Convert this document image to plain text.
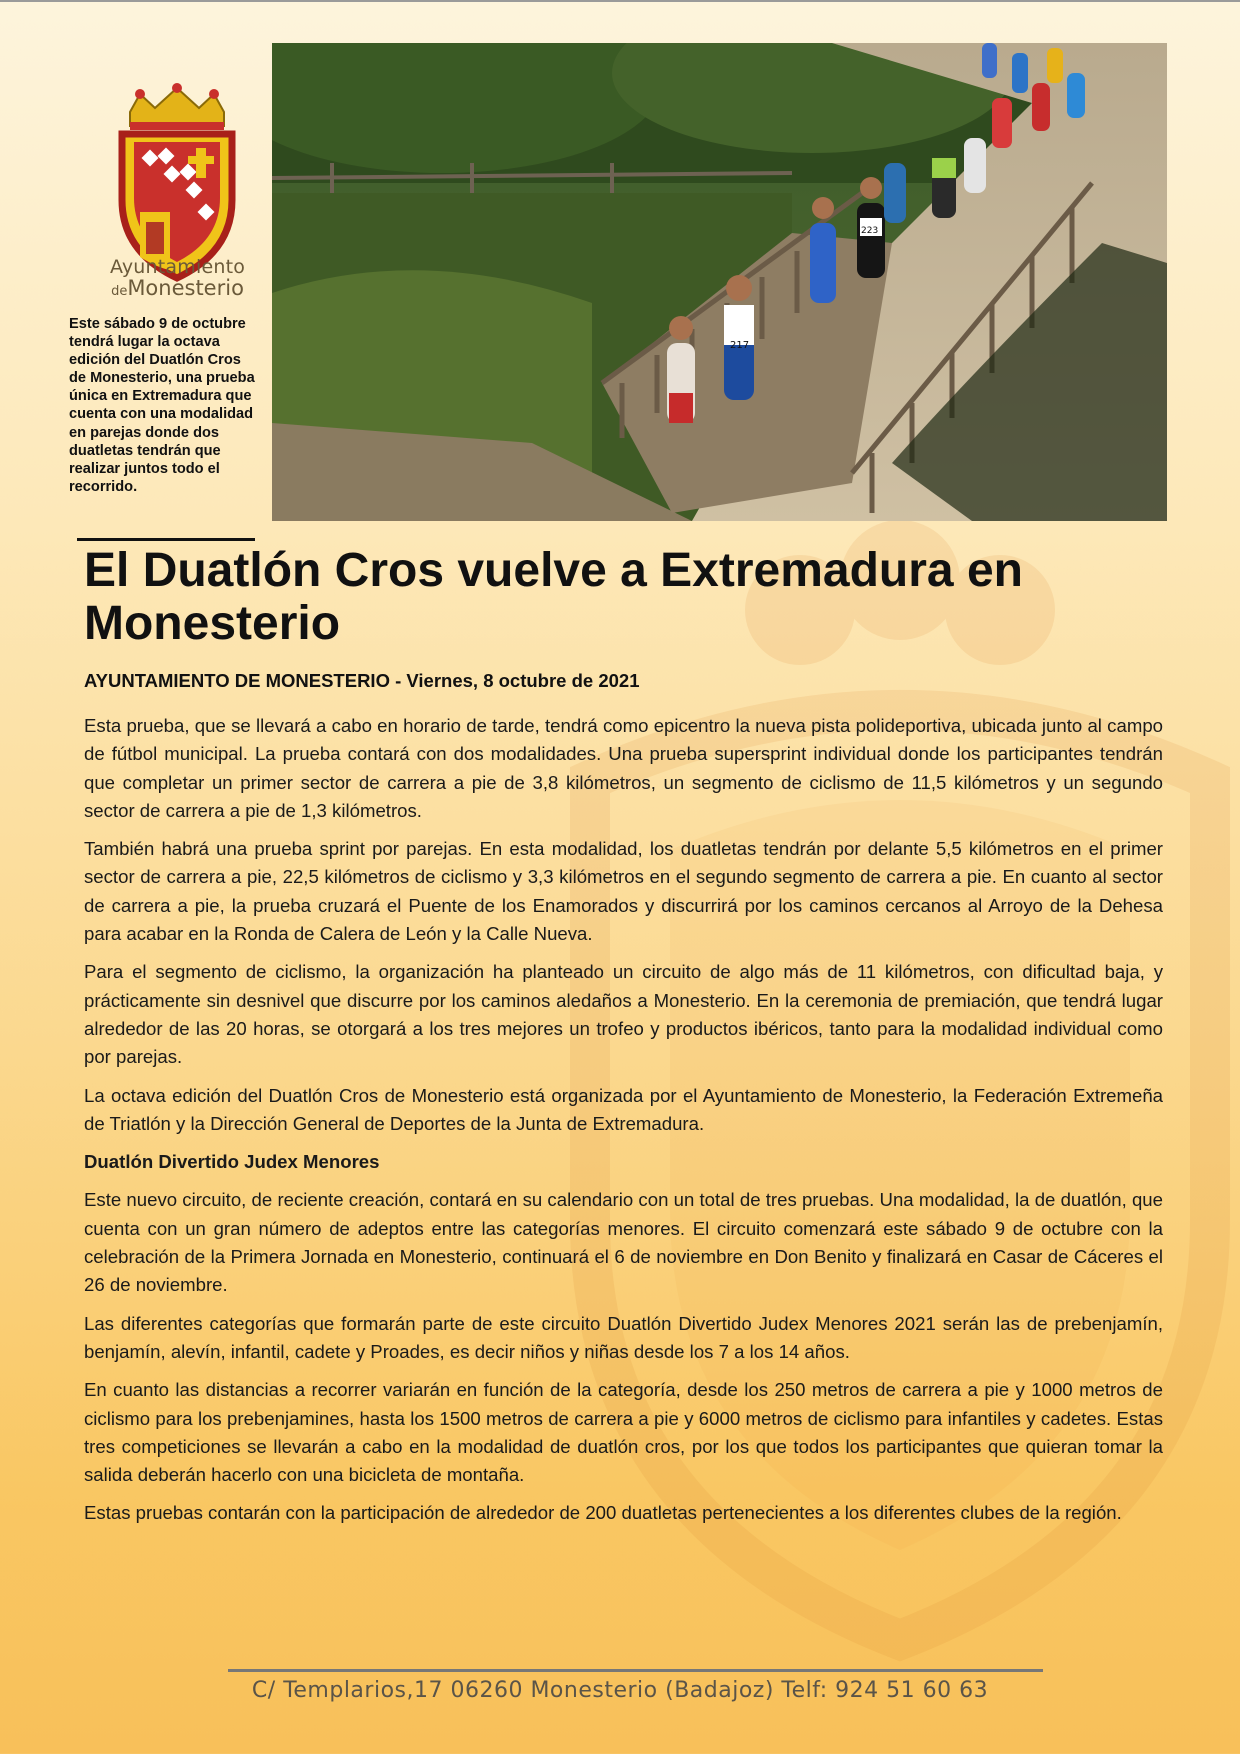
Ayuntamiento
deMonesterio
Este sábado 9 de octubre tendrá lugar la octava edición del Duatlón Cros de Monesterio, una prueba única en Extremadura que cuenta con una modalidad en parejas donde dos duatletas tendrán que realizar juntos todo el recorrido.
217
223
El Duatlón Cros vuelve a Extremadura en Monesterio
AYUNTAMIENTO DE MONESTERIO - Viernes, 8 octubre de 2021

Esta prueba, que se llevará a cabo en horario de tarde, tendrá como epicentro la nueva pista polideportiva, ubicada junto al campo de fútbol municipal. La prueba contará con dos modalidades. Una prueba supersprint individual donde los participantes tendrán que completar un primer sector de carrera a pie de 3,8 kilómetros, un segmento de ciclismo de 11,5 kilómetros y un segundo sector de carrera a pie de 1,3 kilómetros.

También habrá una prueba sprint por parejas. En esta modalidad, los duatletas tendrán por delante 5,5 kilómetros en el primer sector de carrera a pie, 22,5 kilómetros de ciclismo y 3,3 kilómetros en el segundo segmento de carrera a pie. En cuanto al sector de carrera a pie, la prueba cruzará el Puente de los Enamorados y discurrirá por los caminos cercanos al Arroyo de la Dehesa para acabar en la Ronda de Calera de León y la Calle Nueva.

Para el segmento de ciclismo, la organización ha planteado un circuito de algo más de 11 kilómetros, con dificultad baja, y prácticamente sin desnivel que discurre por los caminos aledaños a Monesterio. En la ceremonia de premiación, que tendrá lugar alrededor de las 20 horas, se otorgará a los tres mejores un trofeo y productos ibéricos, tanto para la modalidad individual como por parejas.

La octava edición del Duatlón Cros de Monesterio está organizada por el Ayuntamiento de Monesterio, la Federación Extremeña de Triatlón y la Dirección General de Deportes de la Junta de Extremadura.

Duatlón Divertido Judex Menores

Este nuevo circuito, de reciente creación, contará en su calendario con un total de tres pruebas. Una modalidad, la de duatlón, que cuenta con un gran número de adeptos entre las categorías menores. El circuito comenzará este sábado 9 de octubre con la celebración de la Primera Jornada en Monesterio, continuará el 6 de noviembre en Don Benito y finalizará en Casar de Cáceres el 26 de noviembre.

Las diferentes categorías que formarán parte de este circuito Duatlón Divertido Judex Menores 2021 serán las de prebenjamín, benjamín, alevín, infantil, cadete y Proades, es decir niños y niñas desde los 7 a los 14 años.

En cuanto las distancias a recorrer variarán en función de la categoría, desde los 250 metros de carrera a pie y 1000 metros de ciclismo para los prebenjamines, hasta los 1500 metros de carrera a pie y 6000 metros de ciclismo para infantiles y cadetes. Estas tres competiciones se llevarán a cabo en la modalidad de duatlón cros, por los que todos los participantes que quieran tomar la salida deberán hacerlo con una bicicleta de montaña.

Estas pruebas contarán con la participación de alrededor de 200 duatletas pertenecientes a los diferentes clubes de la región.

C/ Templarios,17 06260 Monesterio (Badajoz) Telf: 924 51 60 63
